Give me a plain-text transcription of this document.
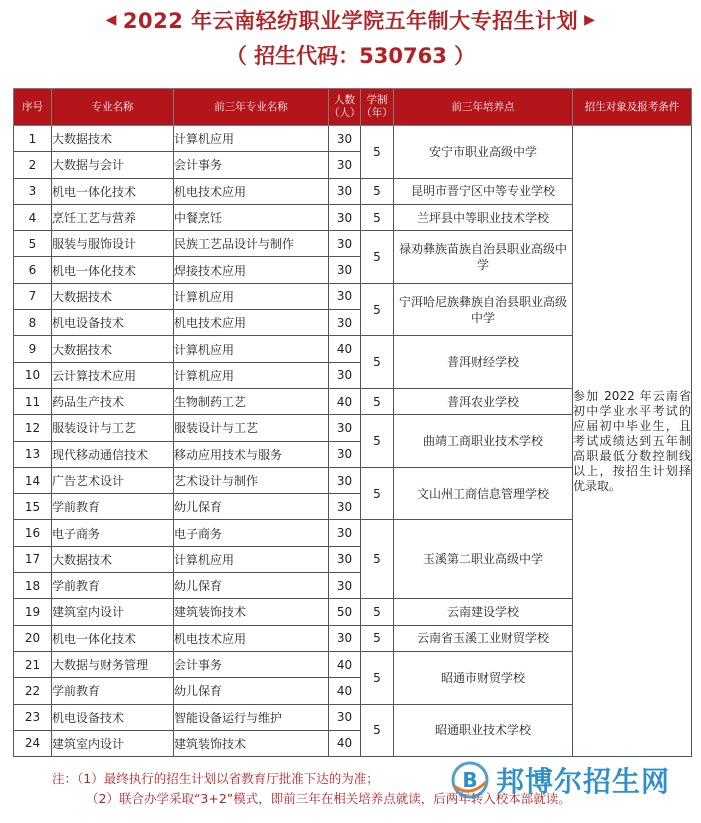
◀ 2022 年云南轻纺职业学院五年制大专招生计划 ▶
（ 招生代码：530763 ）
序号	专业名称	前三年专业名称	人数（人）	学制（年）	前三年培养点	招生对象及报考条件
1	大数据技术	计算机应用	30	5	安宁市职业高级中学	参加 2022 年云南省初中学业水平考试的应届初中毕业生，且考试成绩达到五年制高职最低分数控制线以上，按招生计划择优录取。
2	大数据与会计	会计事务	30			
3	机电一体化技术	机电技术应用	30	5	昆明市晋宁区中等专业学校	
4	烹饪工艺与营养	中餐烹饪	30	5	兰坪县中等职业技术学校	
5	服装与服饰设计	民族工艺品设计与制作	30	5	禄劝彝族苗族自治县职业高级中学	
6	机电一体化技术	焊接技术应用	30			
7	大数据技术	计算机应用	30	5	宁洱哈尼族彝族自治县职业高级中学	
8	机电设备技术	机电技术应用	30			
9	大数据技术	计算机应用	40	5	普洱财经学校	
10	云计算技术应用	计算机应用	30			
11	药品生产技术	生物制药工艺	40	5	普洱农业学校	
12	服装设计与工艺	服装设计与工艺	30	5	曲靖工商职业技术学校	
13	现代移动通信技术	移动应用技术与服务	30			
14	广告艺术设计	艺术设计与制作	30	5	文山州工商信息管理学校	
15	学前教育	幼儿保育	30			
16	电子商务	电子商务	30	5	玉溪第二职业高级中学	
17	大数据技术	计算机应用	30			
18	学前教育	幼儿保育	30			
19	建筑室内设计	建筑装饰技术	50	5	云南建设学校	
20	机电一体化技术	机电技术应用	30	5	云南省玉溪工业财贸学校	
21	大数据与财务管理	会计事务	40	5	昭通市财贸学校	
22	学前教育	幼儿保育	40			
23	机电设备技术	智能设备运行与维护	30	5	昭通职业技术学校	
24	建筑室内设计	建筑装饰技术	40			
注：（1）最终执行的招生计划以省教育厅批准下达的为准；
（2）联合办学采取“3+2”模式，即前三年在相关培养点就读，后两年转入校本部就读。
B 邦博尔招生网
